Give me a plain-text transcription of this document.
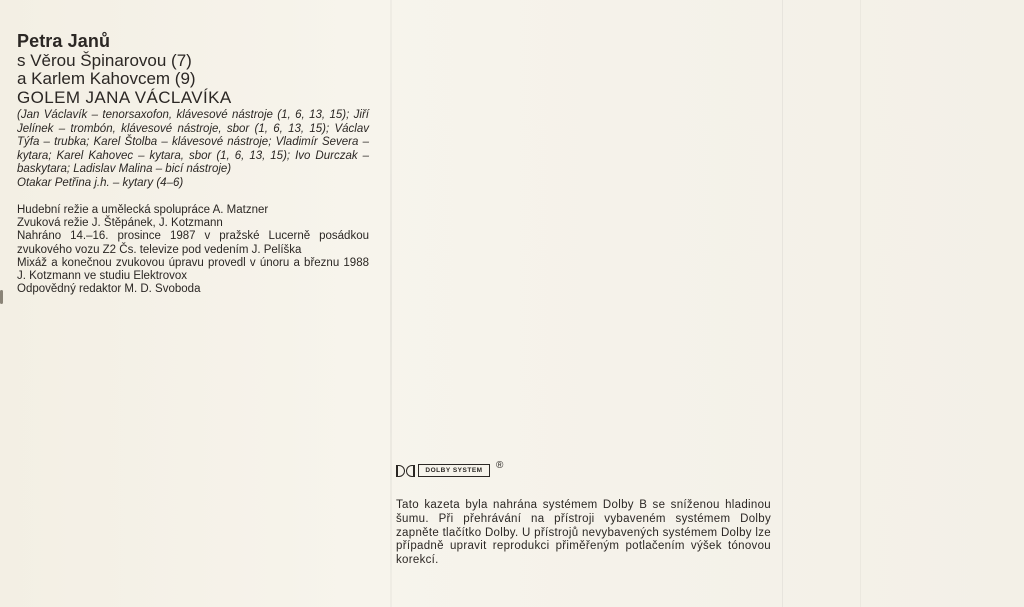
Petra Janů

s Věrou Špinarovou (7)

a Karlem Kahovcem (9)

GOLEM JANA VÁCLAVÍKA

(Jan Václavík – tenorsaxofon, klávesové nástroje (1, 6, 13, 15); Jiří Jelínek – trombón, klávesové nástroje, sbor (1, 6, 13, 15); Václav Týfa – trubka; Karel Štolba – klávesové nástroje; Vladimír Severa – kytara; Karel Kahovec – kytara, sbor (1, 6, 13, 15); Ivo Durczak – baskytara; Ladislav Malina – bicí nástroje)
Otakar Petřina j.h. – kytary (4–6)

Hudební režie a umělecká spolupráce A. Matzner

Zvuková režie J. Štěpánek, J. Kotzmann

Nahráno 14.–16. prosince 1987 v pražské Lucerně posádkou zvukového vozu Z2 Čs. televize pod vedením J. Pelíška

Mixáž a konečnou zvukovou úpravu provedl v únoru a březnu 1988 J. Kotzmann ve studiu Elektrovox

Odpovědný redaktor M. D. Svoboda

DOLBY SYSTEM	®

Tato kazeta byla nahrána systémem Dolby B se sníženou hladinou šumu. Při přehrávání na přístroji vybaveném systémem Dolby zapněte tlačítko Dolby. U přístrojů nevybavených systémem Dolby lze případně upravit reprodukci přiměřeným potlačením výšek tónovou korekcí.
